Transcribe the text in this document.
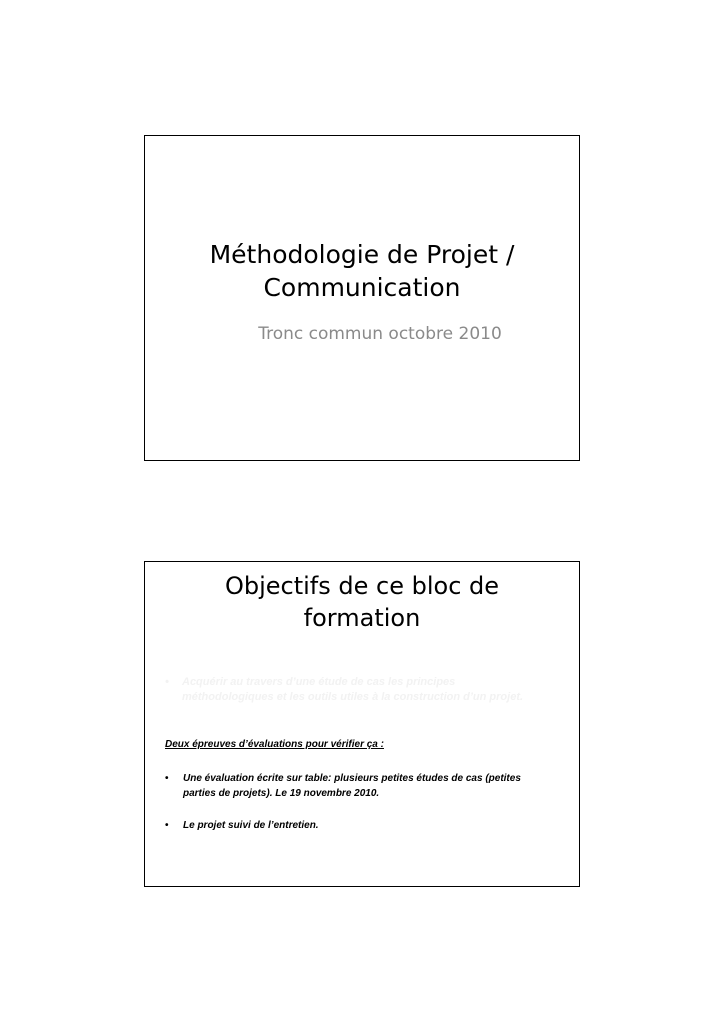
Méthodologie de Projet /
Communication
Tronc commun octobre 2010
Objectifs de ce bloc de
formation
•	Acquérir au travers d’une étude de cas les principes méthodologiques et les outils utiles à la construction d’un projet.
Deux épreuves d’évaluations pour vérifier ça :
•	Une évaluation écrite sur table: plusieurs petites études de cas (petites parties de projets). Le 19 novembre 2010.
•	Le projet suivi de l’entretien.
